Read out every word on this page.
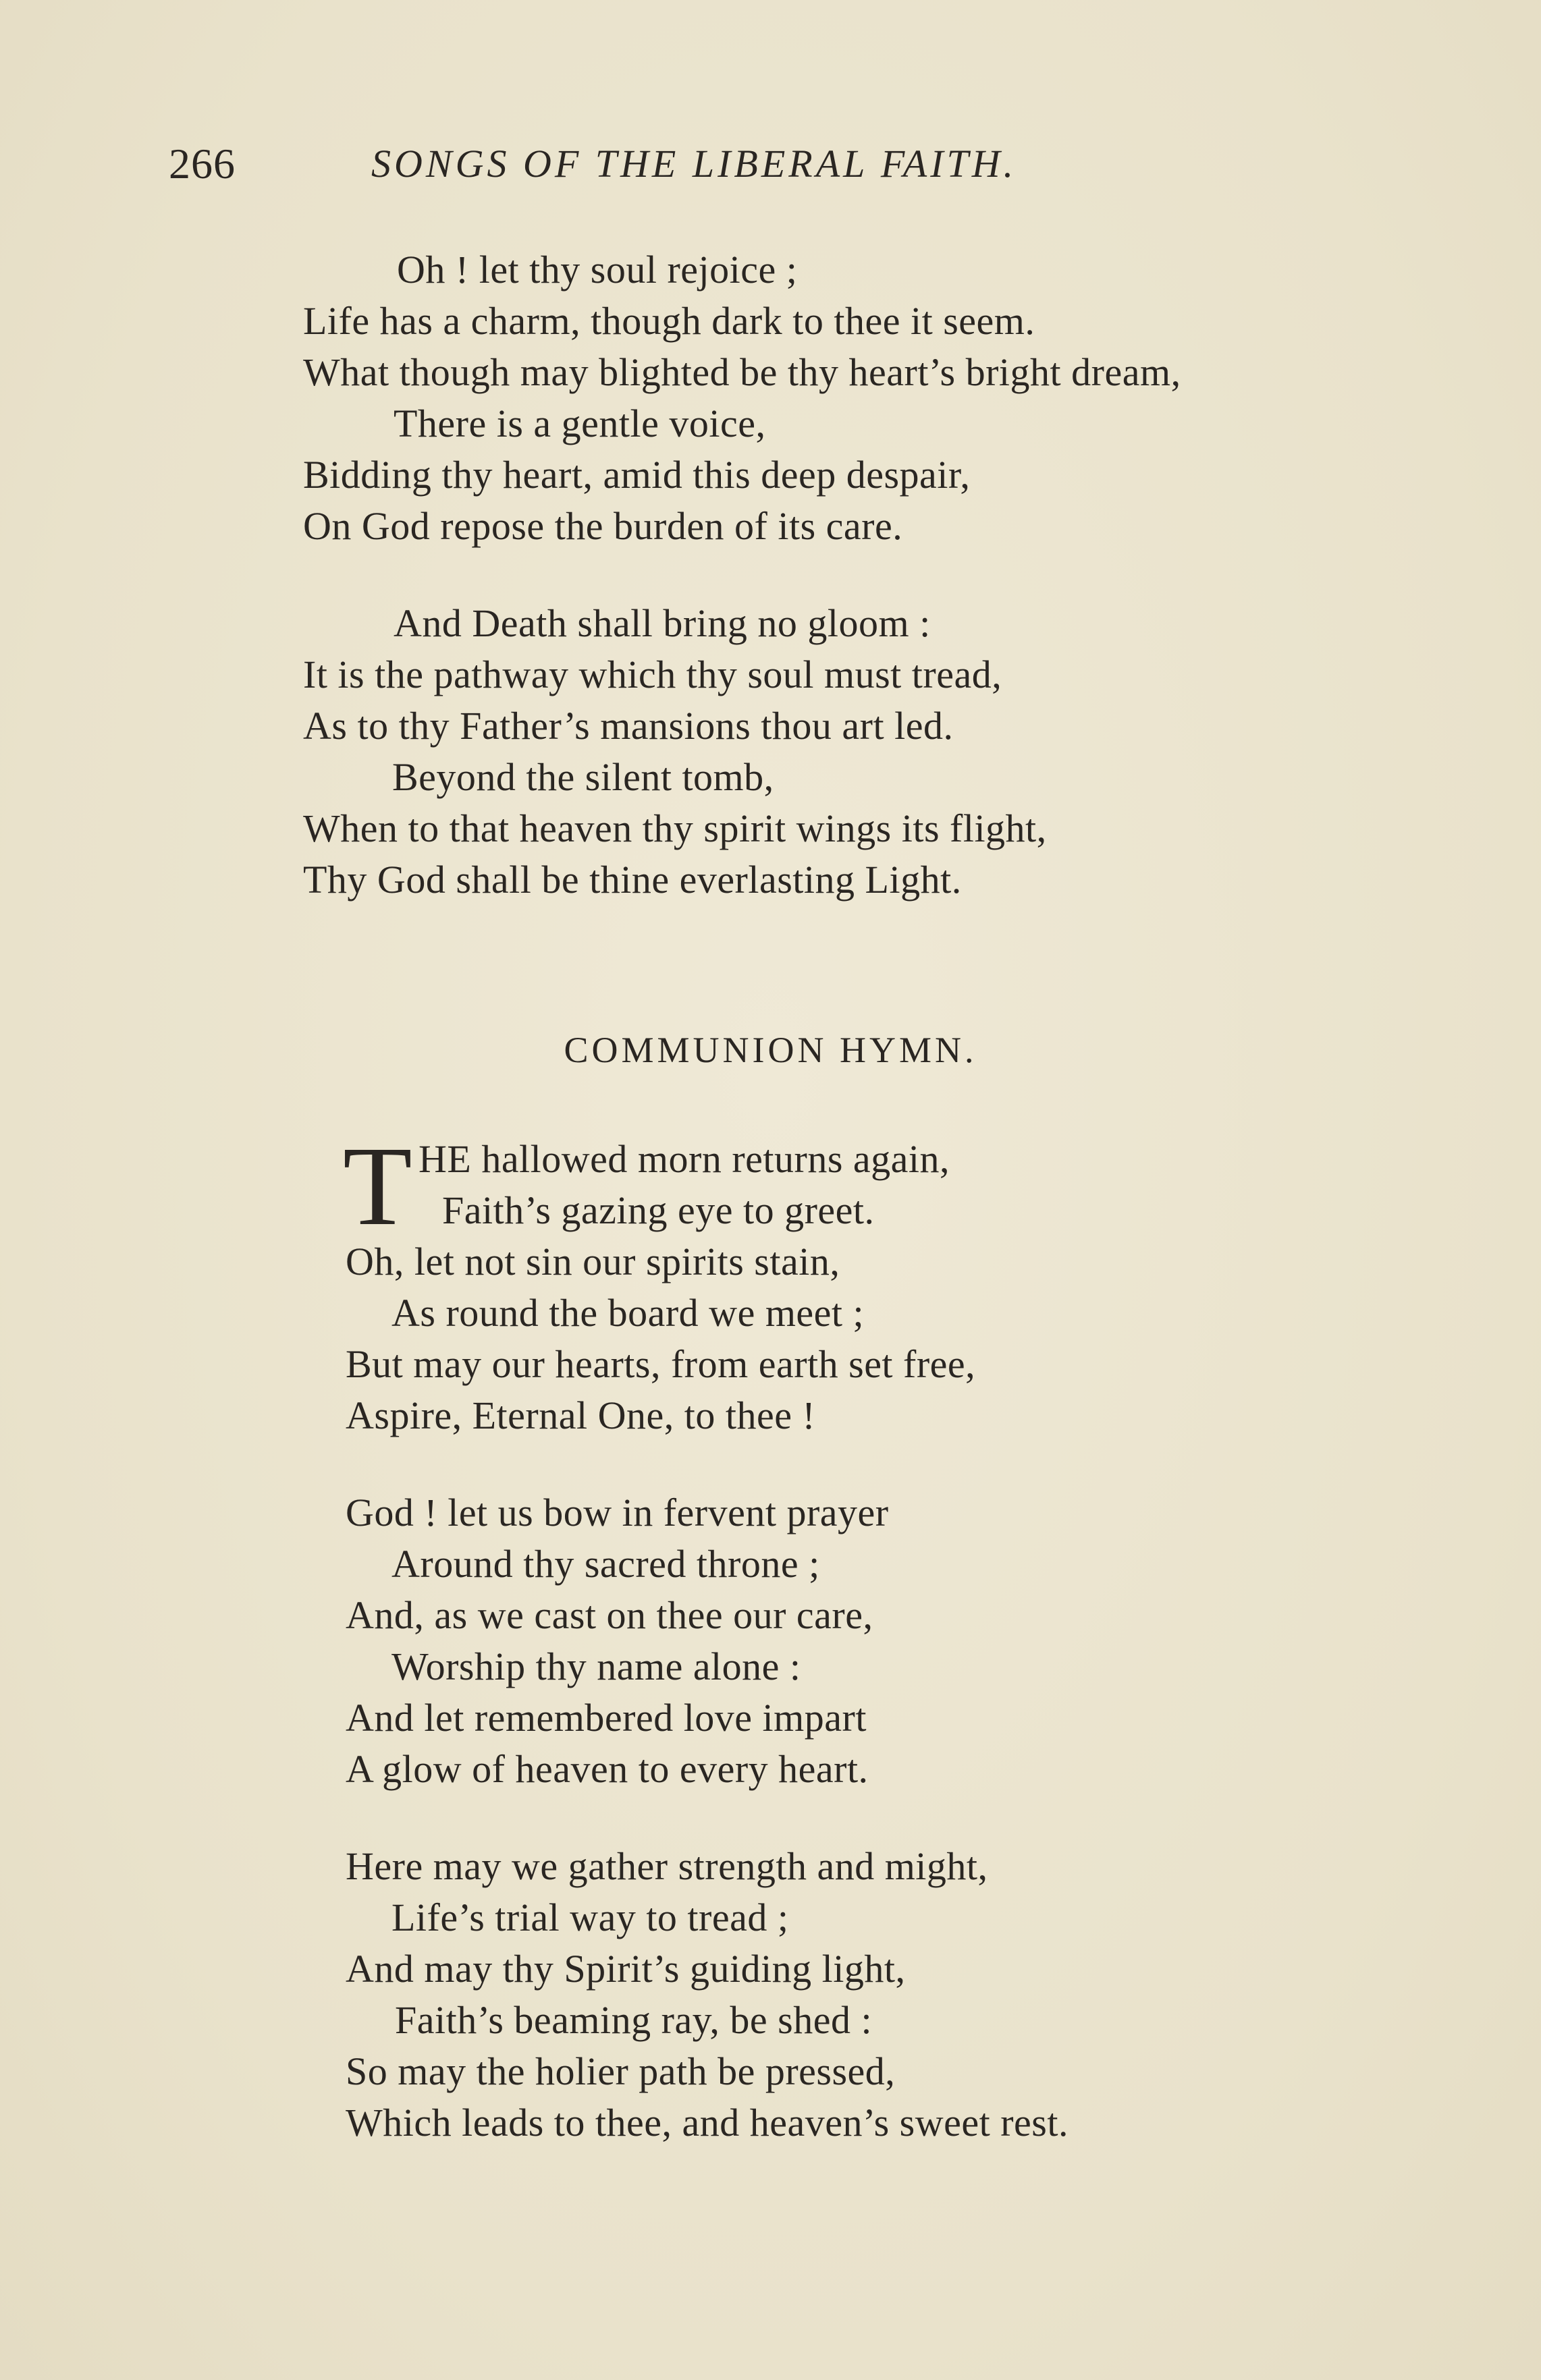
266	SONGS OF THE LIBERAL FAITH.
Oh ! let thy soul rejoice ;
Life has a charm, though dark to thee it seem.
What though may blighted be thy heart’s bright dream,
There is a gentle voice,
Bidding thy heart, amid this deep despair,
On God repose the burden of its care.
And Death shall bring no gloom :
It is the pathway which thy soul must tread,
As to thy Father’s mansions thou art led.
Beyond the silent tomb,
When to that heaven thy spirit wings its flight,
Thy God shall be thine everlasting Light.
COMMUNION HYMN.
T HE hallowed morn returns again,
Faith’s gazing eye to greet.
Oh, let not sin our spirits stain,
As round the board we meet ;
But may our hearts, from earth set free,
Aspire, Eternal One, to thee !
God ! let us bow in fervent prayer
Around thy sacred throne ;
And, as we cast on thee our care,
Worship thy name alone :
And let remembered love impart
A glow of heaven to every heart.
Here may we gather strength and might,
Life’s trial way to tread ;
And may thy Spirit’s guiding light,
Faith’s beaming ray, be shed :
So may the holier path be pressed,
Which leads to thee, and heaven’s sweet rest.
